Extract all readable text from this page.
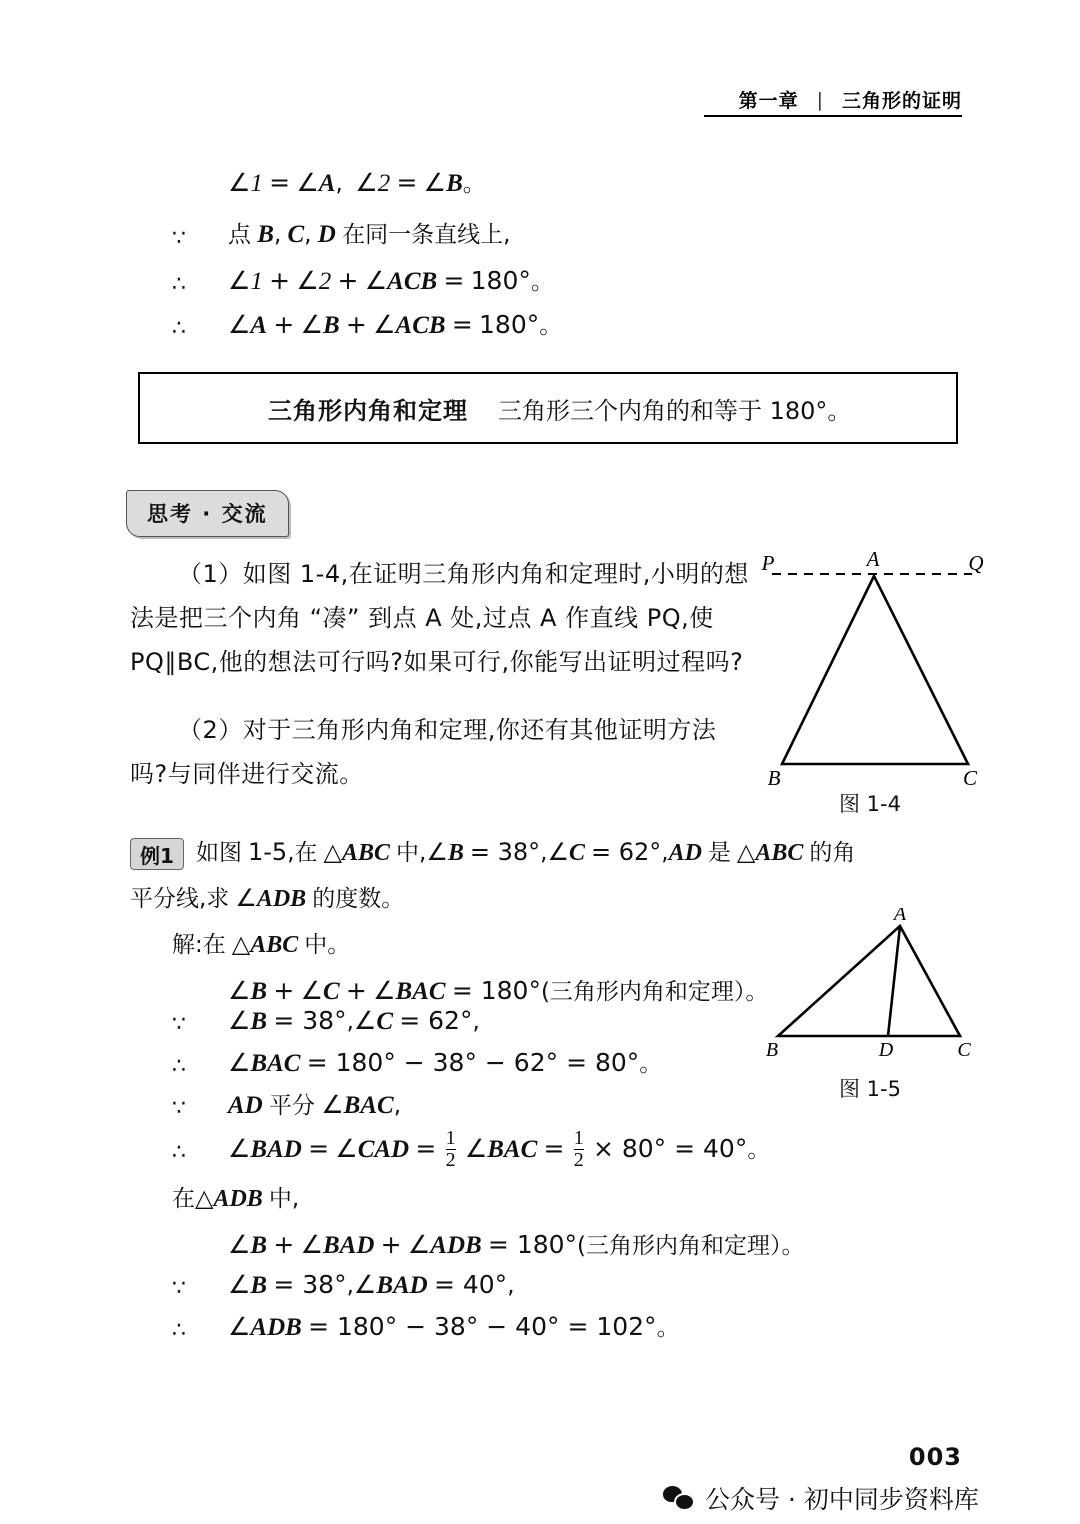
第一章 | 三角形的证明
∠1 = ∠A, ∠2 = ∠B。
∵ 点 B, C, D 在同一条直线上,
∴ ∠1 + ∠2 + ∠ACB = 180°。
∴ ∠A + ∠B + ∠ACB = 180°。
三角形内角和定理 三角形三个内角的和等于 180°。
思考 · 交流
（1）如图 1-4,在证明三角形内角和定理时,小明的想法是把三个内角 “凑” 到点 A 处,过点 A 作直线 PQ,使 PQ∥BC,他的想法可行吗?如果可行,你能写出证明过程吗?
（2）对于三角形内角和定理,你还有其他证明方法吗?与同伴进行交流。
A
P	Q
B	C
图 1-4
例1 如图 1-5,在 △ABC 中,∠B = 38°,∠C = 62°,AD 是 △ABC 的角
平分线,求 ∠ADB 的度数。
解:在 △ABC 中。
∠B + ∠C + ∠BAC = 180°(三角形内角和定理）。
∵ ∠B = 38°,∠C = 62°,
∴ ∠BAC = 180° − 38° − 62° = 80°。
∵ AD 平分 ∠BAC,
∴ ∠BAD = ∠CAD = $\frac{1}{2}$ ∠BAC = $\frac{1}{2} \times 80^\circ = 40^\circ$。
在△ADB 中,
∠B + ∠BAD + ∠ADB = 180°(三角形内角和定理）。
∵ ∠B = 38°,∠BAD = 40°,
∴ ∠ADB = 180° − 38° − 40° = 102°。
A
B	D	C
图 1-5
003
公众号 · 初中同步资料库
